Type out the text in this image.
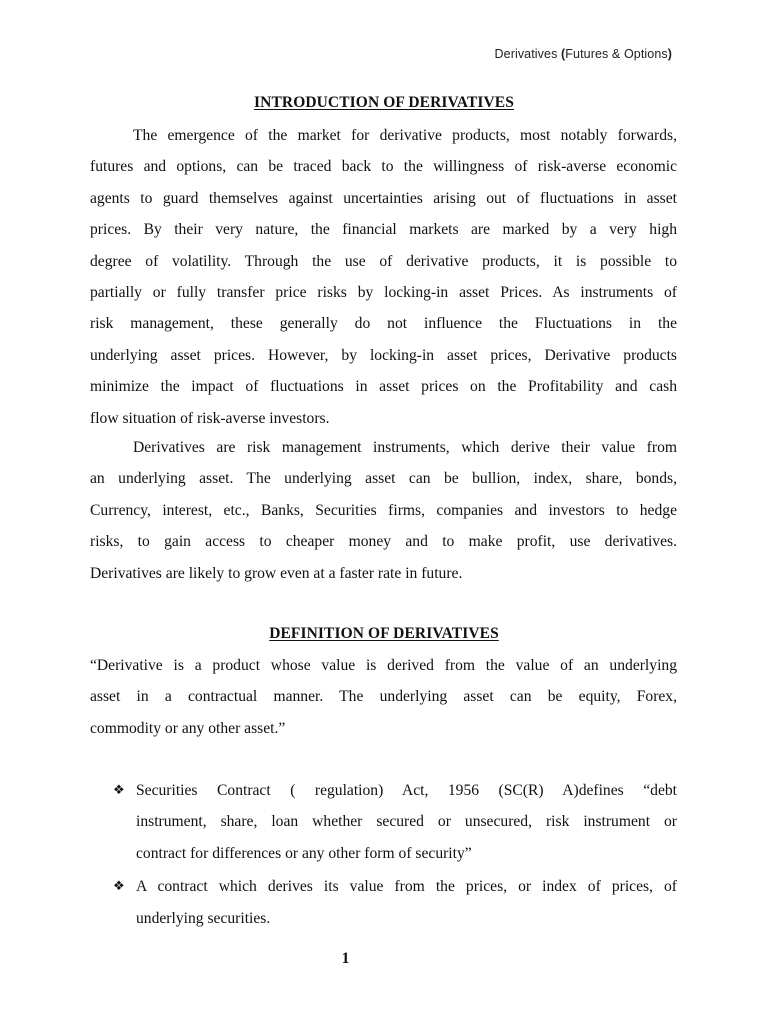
Derivatives (Futures & Options)
INTRODUCTION OF DERIVATIVES
The emergence of the market for derivative products, most notably forwards,
futures and options, can be traced back to the willingness of risk-averse economic
agents to guard themselves against uncertainties arising out of fluctuations in asset
prices. By their very nature, the financial markets are marked by a very high
degree of volatility. Through the use of derivative products, it is possible to
partially or fully transfer price risks by locking-in asset Prices. As instruments of
risk management, these generally do not influence the Fluctuations in the
underlying asset prices. However, by locking-in asset prices, Derivative products
minimize the impact of fluctuations in asset prices on the Profitability and cash
flow situation of risk-averse investors.
Derivatives are risk management instruments, which derive their value from
an underlying asset. The underlying asset can be bullion, index, share, bonds,
Currency, interest, etc., Banks, Securities firms, companies and investors to hedge
risks, to gain access to cheaper money and to make profit, use derivatives.
Derivatives are likely to grow even at a faster rate in future.
DEFINITION OF DERIVATIVES
“Derivative is a product whose value is derived from the value of an underlying
asset in a contractual manner. The underlying asset can be equity, Forex,
commodity or any other asset.”
❖ Securities Contract ( regulation) Act, 1956 (SC(R) A)defines “debt
instrument, share, loan whether secured or unsecured, risk instrument or
contract for differences or any other form of security”
❖ A contract which derives its value from the prices, or index of prices, of
underlying securities.
1
